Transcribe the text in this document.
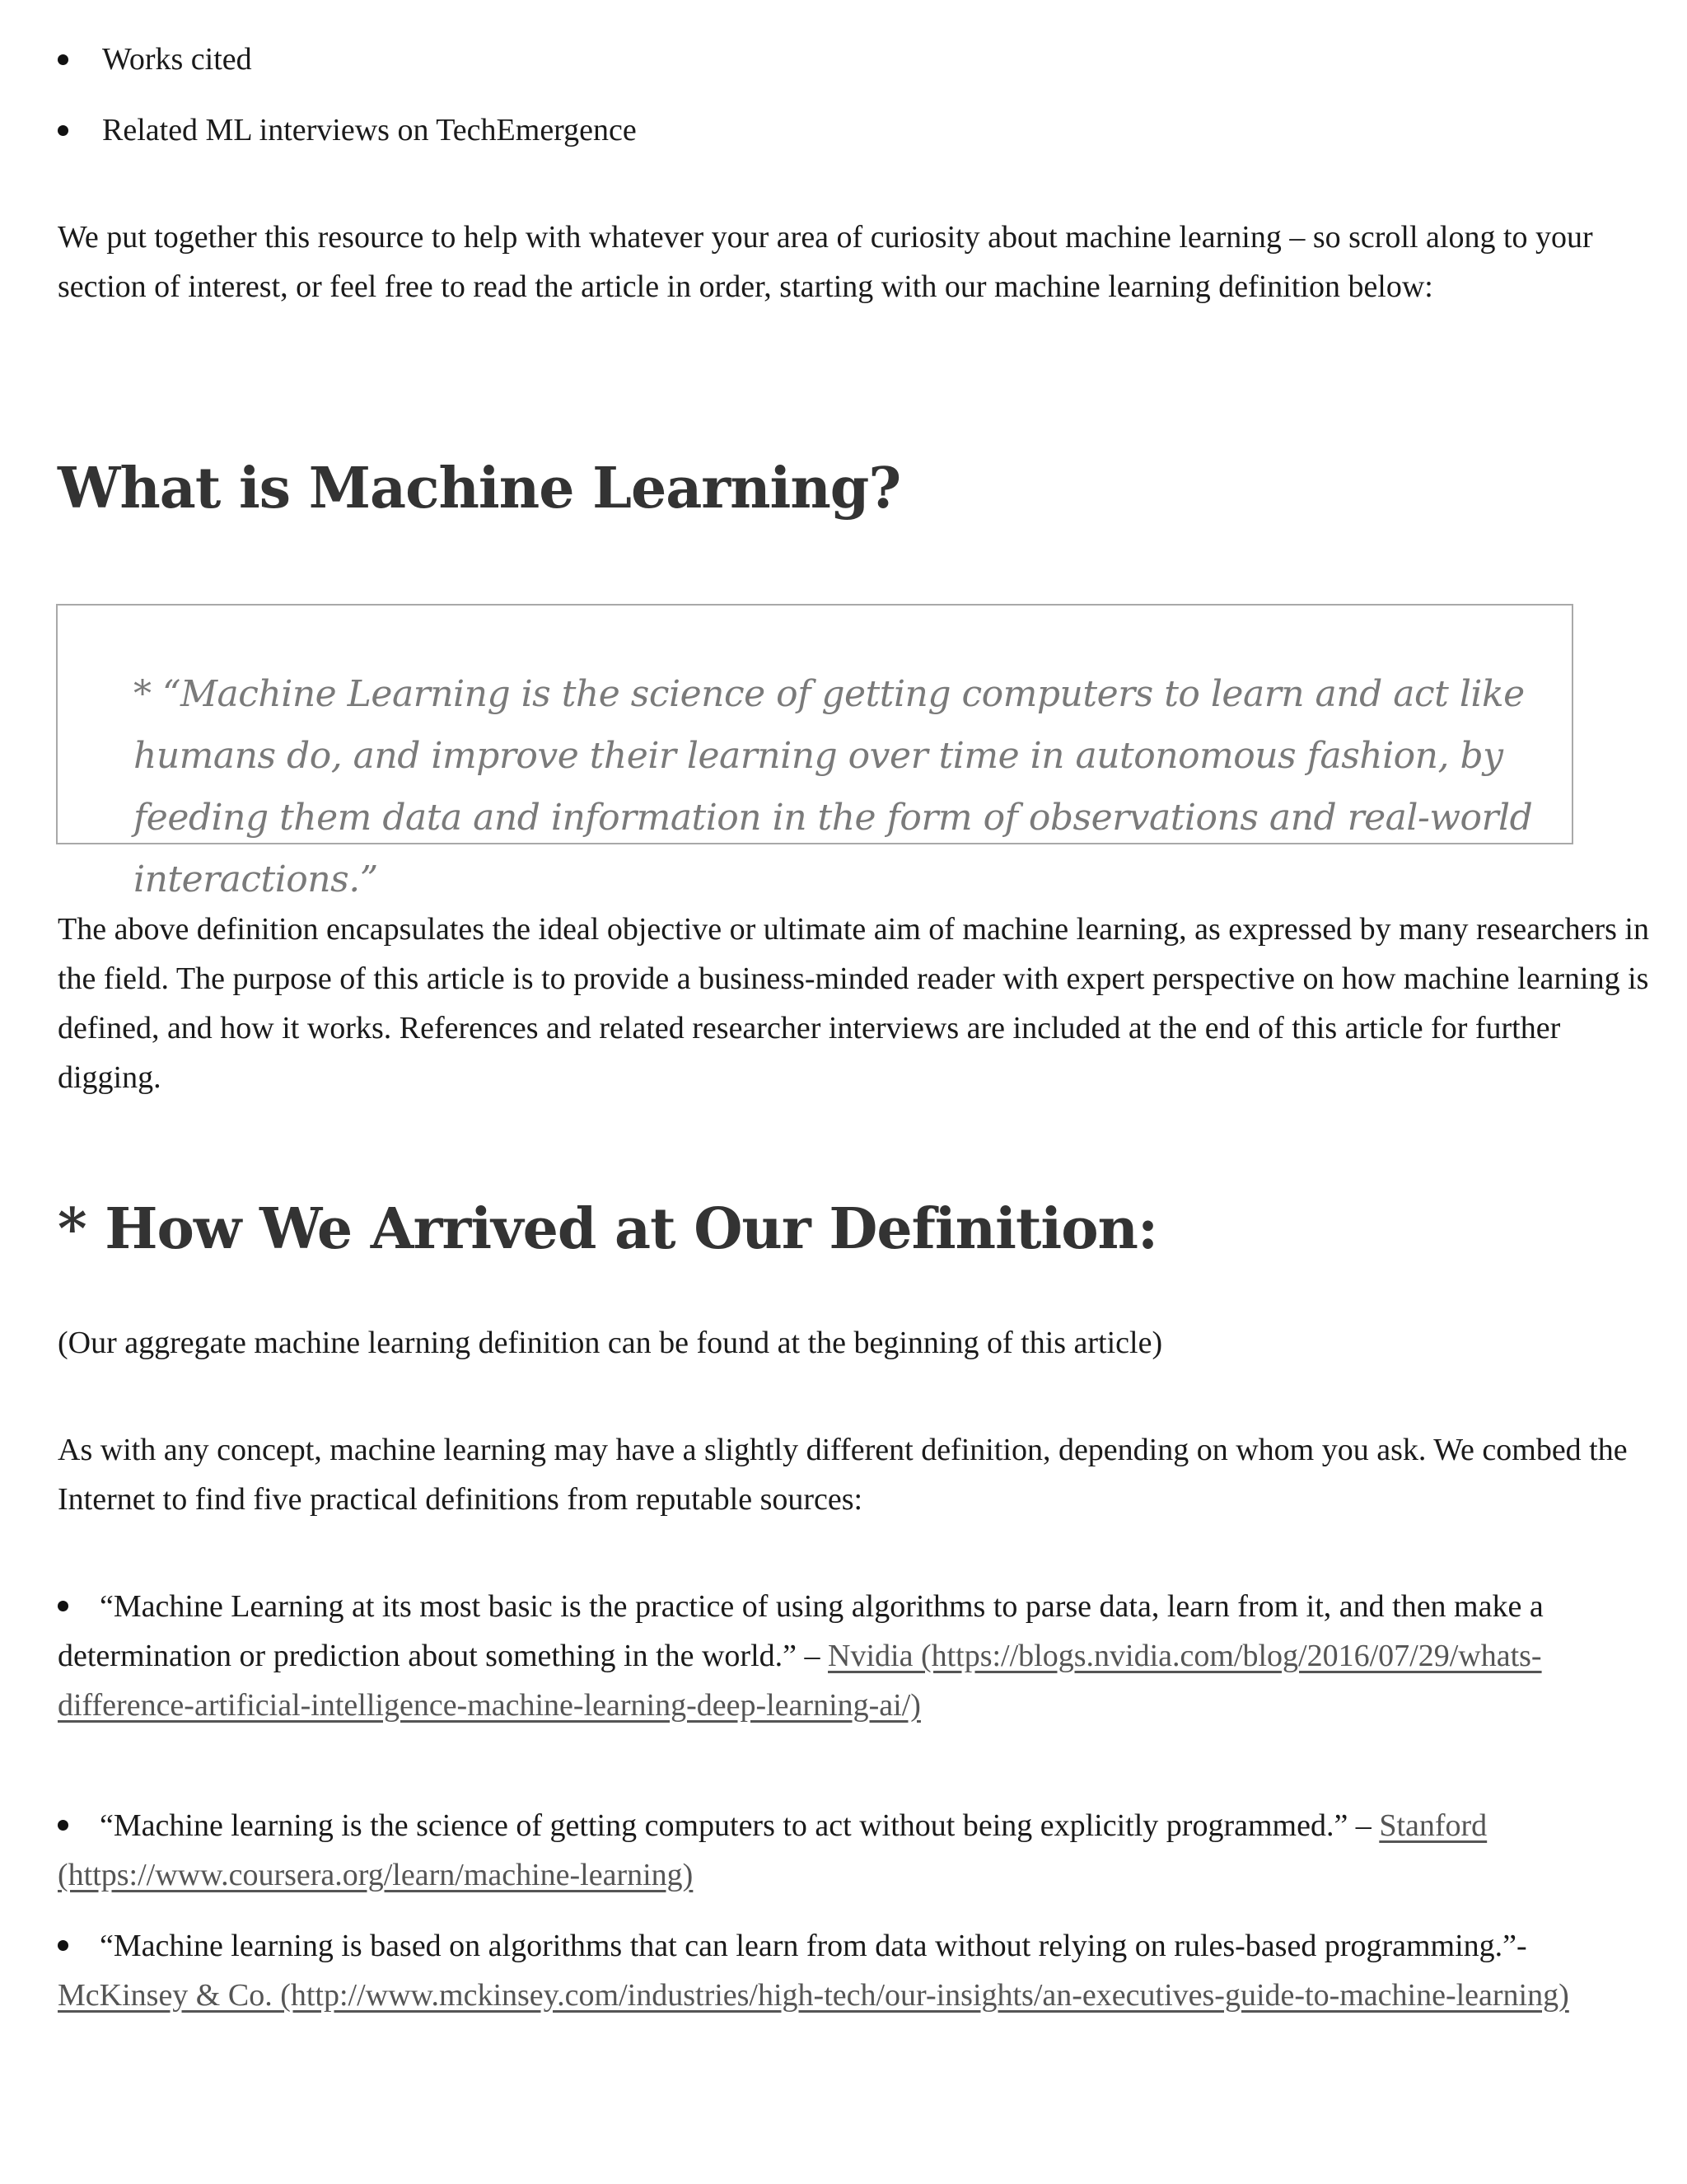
Works cited
Related ML interviews on TechEmergence
We put together this resource to help with whatever your area of curiosity about machine learning – so scroll along to your section of interest, or feel free to read the article in order, starting with our machine learning definition below:
What is Machine Learning?
* “Machine Learning is the science of getting computers to learn and act like humans do, and improve their learning over time in autonomous fashion, by feeding them data and information in the form of observations and real-world interactions.”
The above definition encapsulates the ideal objective or ultimate aim of machine learning, as expressed by many researchers in the field. The purpose of this article is to provide a business-minded reader with expert perspective on how machine learning is defined, and how it works. References and related researcher interviews are included at the end of this article for further digging.
* How We Arrived at Our Definition:
(Our aggregate machine learning definition can be found at the beginning of this article)
As with any concept, machine learning may have a slightly different definition, depending on whom you ask. We combed the Internet to find five practical definitions from reputable sources:
“Machine Learning at its most basic is the practice of using algorithms to parse data, learn from it, and then make a determination or prediction about something in the world.” – Nvidia (https://blogs.nvidia.com/blog/2016/07/29/whats-difference-artificial-intelligence-machine-learning-deep-learning-ai/)
“Machine learning is the science of getting computers to act without being explicitly programmed.” – Stanford (https://www.coursera.org/learn/machine-learning)
“Machine learning is based on algorithms that can learn from data without relying on rules-based programming.”- McKinsey & Co. (http://www.mckinsey.com/industries/high-tech/our-insights/an-executives-guide-to-machine-learning)
